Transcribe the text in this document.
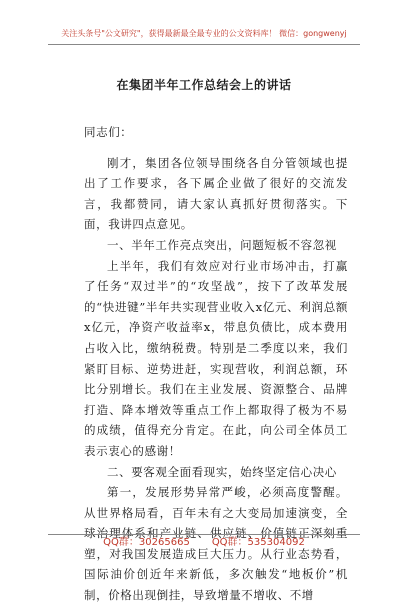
关注头条号"公文研究"，获得最新最全最专业的公文资料库！ 微信：gongwenyj
在集团半年工作总结会上的讲话

同志们：

刚才，集团各位领导围绕各自分管领域也提出了工作要求，各下属企业做了很好的交流发言，我都赞同，请大家认真抓好贯彻落实。下面，我讲四点意见。

一、半年工作亮点突出，问题短板不容忽视

上半年，我们有效应对行业市场冲击，打赢了任务“双过半”的“攻坚战”，按下了改革发展的“快进键”半年共实现营业收入x亿元、利润总额x亿元，净资产收益率x，带息负债比，成本费用占收入比，缴纳税费。特别是二季度以来，我们紧盯目标、逆势进赶，实现营收，利润总额，环比分别增长。我们在主业发展、资源整合、品牌打造、降本增效等重点工作上都取得了极为不易的成绩，值得充分肯定。在此，向公司全体员工表示衷心的感谢！

二、要客观全面看现实，始终坚定信心决心

第一，发展形势异常严峻，必须高度警醒。从世界格局看，百年未有之大变局加速演变，全球治理体系和产业链、供应链、价值链正深刻重塑，对我国发展造成巨大压力。从行业态势看，国际油价创近年来新低，多次触发“地板价”机制，价格出现倒挂，导致增量不增收、不增

QQ群：30265665 QQ群：535304092
